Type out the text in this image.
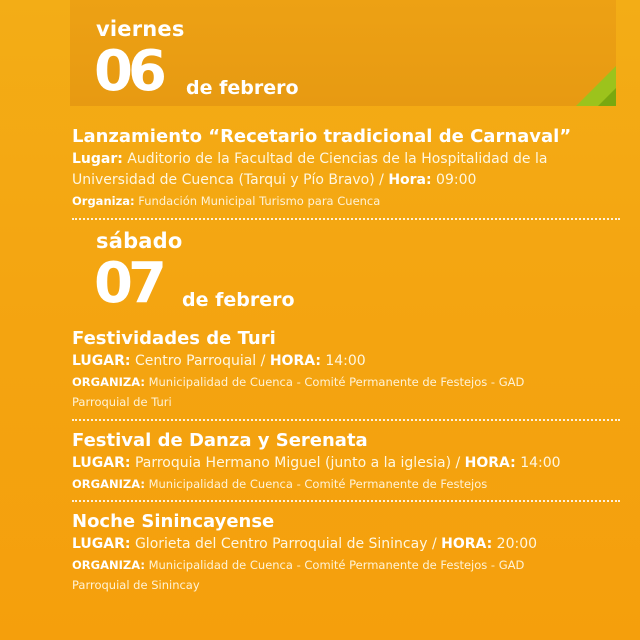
viernes
06 de febrero
Lanzamiento “Recetario tradicional de Carnaval”
Lugar: Auditorio de la Facultad de Ciencias de la Hospitalidad de la
Universidad de Cuenca (Tarqui y Pío Bravo) / Hora: 09:00
Organiza: Fundación Municipal Turismo para Cuenca
sábado
07 de febrero
Festividades de Turi
LUGAR: Centro Parroquial / HORA: 14:00
ORGANIZA: Municipalidad de Cuenca - Comité Permanente de Festejos - GAD
Parroquial de Turi
Festival de Danza y Serenata
LUGAR: Parroquia Hermano Miguel (junto a la iglesia) / HORA: 14:00
ORGANIZA: Municipalidad de Cuenca - Comité Permanente de Festejos
Noche Sinincayense
LUGAR: Glorieta del Centro Parroquial de Sinincay / HORA: 20:00
ORGANIZA: Municipalidad de Cuenca - Comité Permanente de Festejos - GAD
Parroquial de Sinincay
